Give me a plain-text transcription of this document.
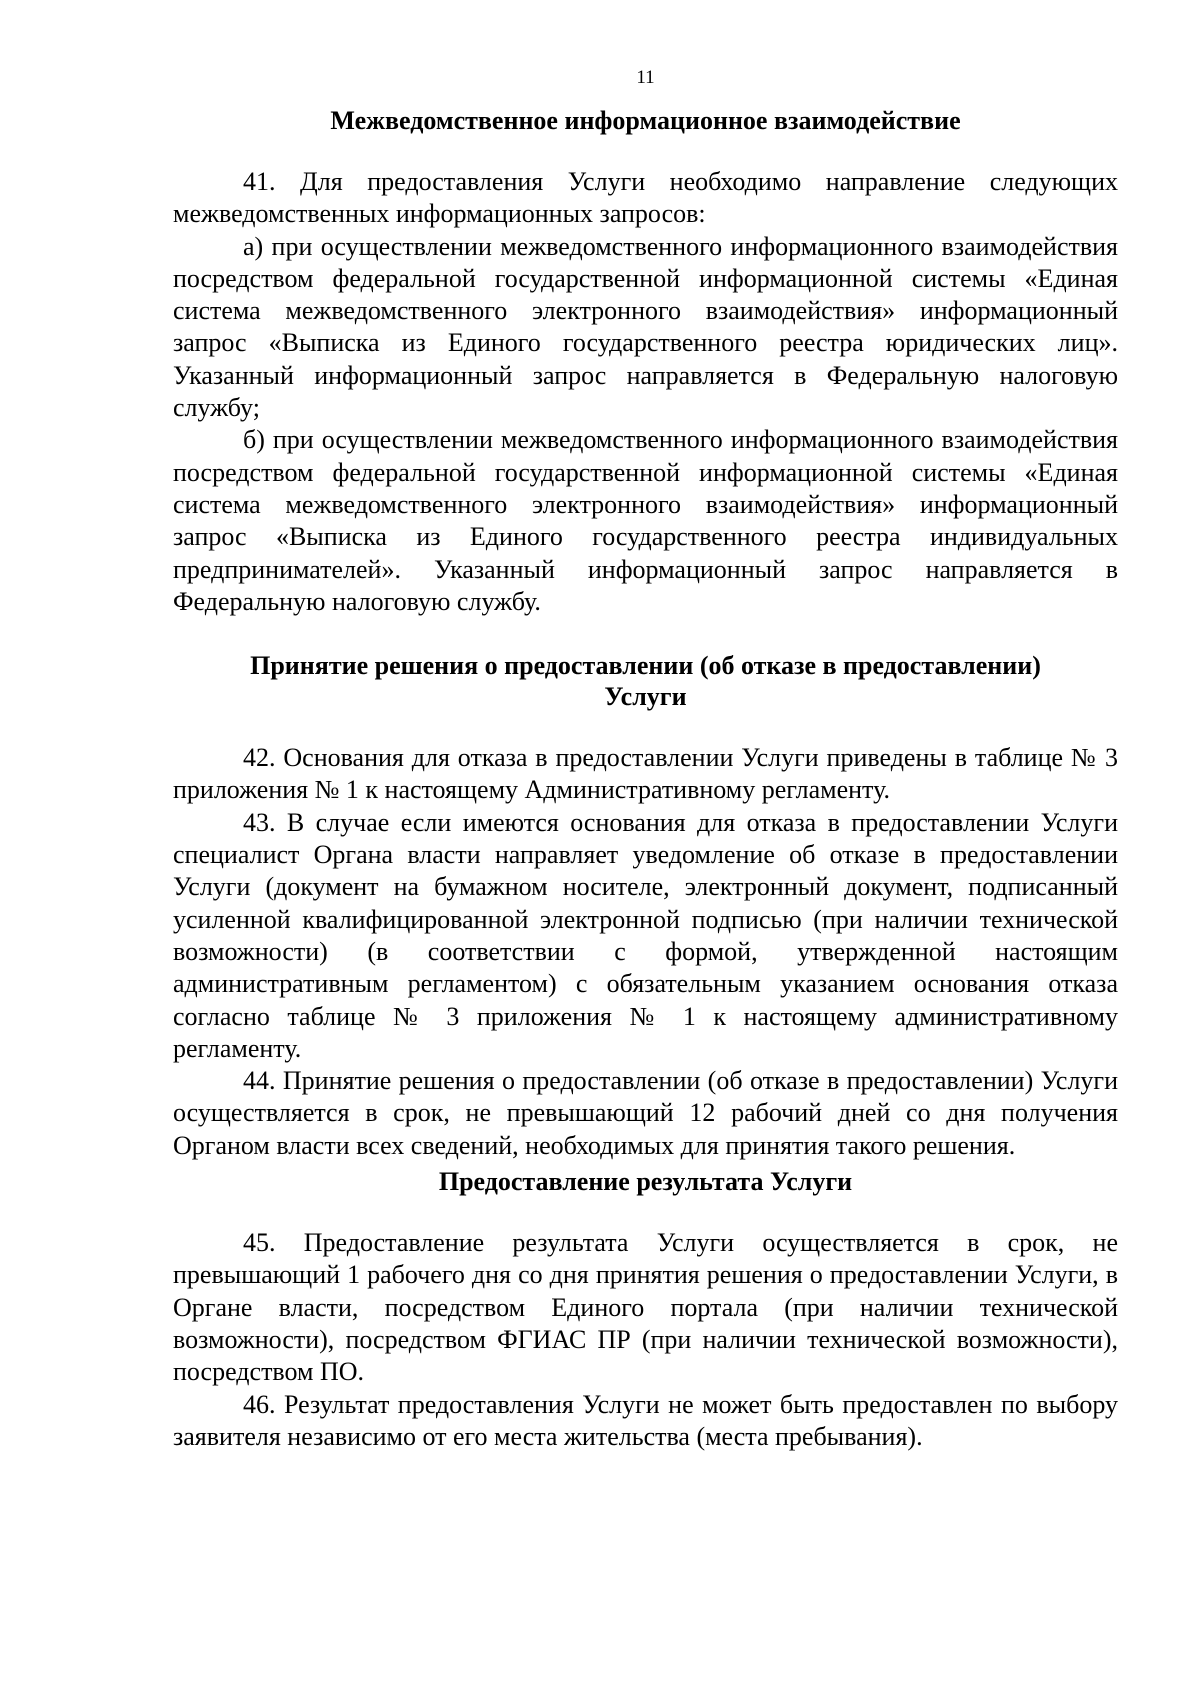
11
Межведомственное информационное взаимодействие

41. Для предоставления Услуги необходимо направление следующих межведомственных информационных запросов:

а) при осуществлении межведомственного информационного взаимодействия посредством федеральной государственной информационной системы «Единая система межведомственного электронного взаимодействия» информационный запрос «Выписка из Единого государственного реестра юридических лиц». Указанный информационный запрос направляется в Федеральную налоговую службу;

б) при осуществлении межведомственного информационного взаимодействия посредством федеральной государственной информационной системы «Единая система межведомственного электронного взаимодействия» информационный запрос «Выписка из Единого государственного реестра индивидуальных предпринимателей». Указанный информационный запрос направляется в Федеральную налоговую службу.

Принятие решения о предоставлении (об отказе в предоставлении)
Услуги

42. Основания для отказа в предоставлении Услуги приведены в таблице № 3 приложения № 1 к настоящему Административному регламенту.

43. В случае если имеются основания для отказа в предоставлении Услуги специалист Органа власти направляет уведомление об отказе в предоставлении Услуги (документ на бумажном носителе, электронный документ, подписанный усиленной квалифицированной электронной подписью (при наличии технической возможности) (в соответствии с формой, утвержденной настоящим административным регламентом) с обязательным указанием основания отказа согласно таблице № 3 приложения № 1 к настоящему административному регламенту.

44. Принятие решения о предоставлении (об отказе в предоставлении) Услуги осуществляется в срок, не превышающий 12 рабочий дней со дня получения Органом власти всех сведений, необходимых для принятия такого решения.

Предоставление результата Услуги

45. Предоставление результата Услуги осуществляется в срок, не превышающий 1 рабочего дня со дня принятия решения о предоставлении Услуги, в Органе власти, посредством Единого портала (при наличии технической возможности), посредством ФГИАС ПР (при наличии технической возможности), посредством ПО.

46. Результат предоставления Услуги не может быть предоставлен по выбору заявителя независимо от его места жительства (места пребывания).
